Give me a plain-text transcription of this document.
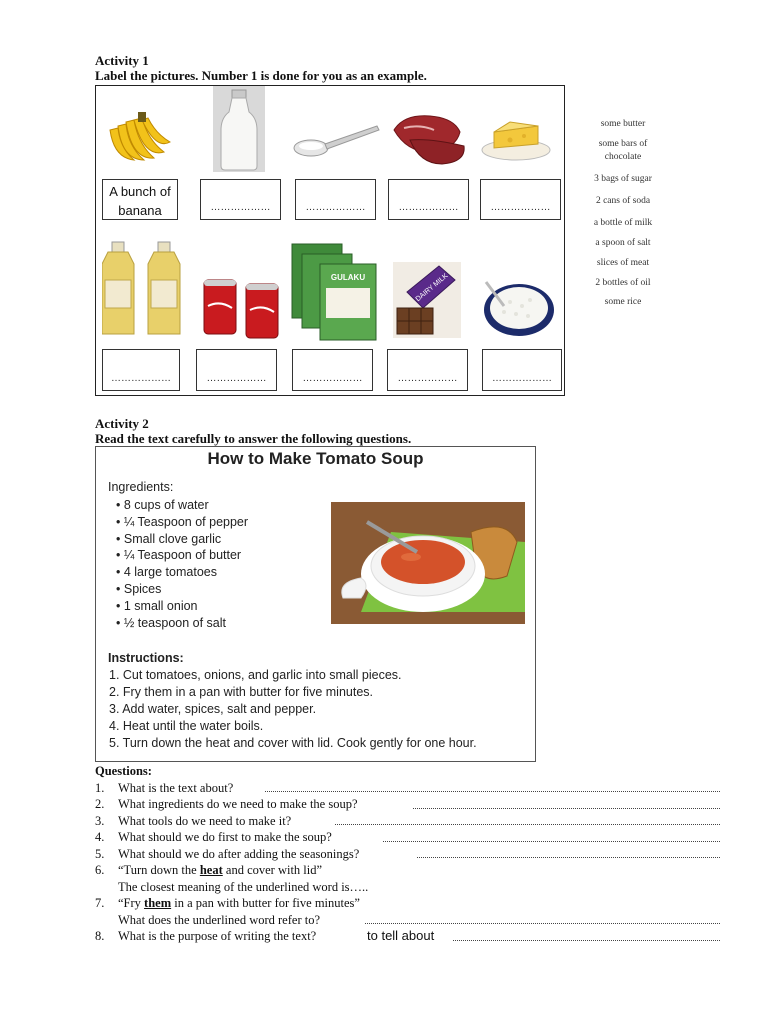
Activity 1
Label the pictures. Number 1 is done for you as an example.
A bunch of
banana	………………	………………	………………	………………
GULAKU	DAIRY MILK
………………	………………	………………	………………	………………
some butter
some bars of
chocolate
3 bags of sugar
2 cans of soda
a bottle of milk
a spoon of salt
slices of meat
2 bottles of oil
some rice
Activity 2
Read the text carefully to answer the following questions.
How to Make Tomato Soup
Ingredients:
• 8 cups of water
• ¼ Teaspoon of pepper
• Small clove garlic
• ¼ Teaspoon of butter
• 4 large tomatoes
• Spices
• 1 small onion
• ½ teaspoon of salt
Instructions:
1. Cut tomatoes, onions, and garlic into small pieces.
2. Fry them in a pan with butter for five minutes.
3. Add water, spices, salt and pepper.
4. Heat until the water boils.
5. Turn down the heat and cover with lid. Cook gently for one hour.
Questions:
1.	What is the text about?
2.	What ingredients do we need to make the soup?
3.	What tools do we need to make it?
4.	What should we do first to make the soup?
5.	What should we do after adding the seasonings?
6.	“Turn down the heat and cover with lid”
The closest meaning of the underlined word is…..
7.	“Fry them in a pan with butter for five minutes”
What does the underlined word refer to?
8.	What is the purpose of writing the text?	to tell about
